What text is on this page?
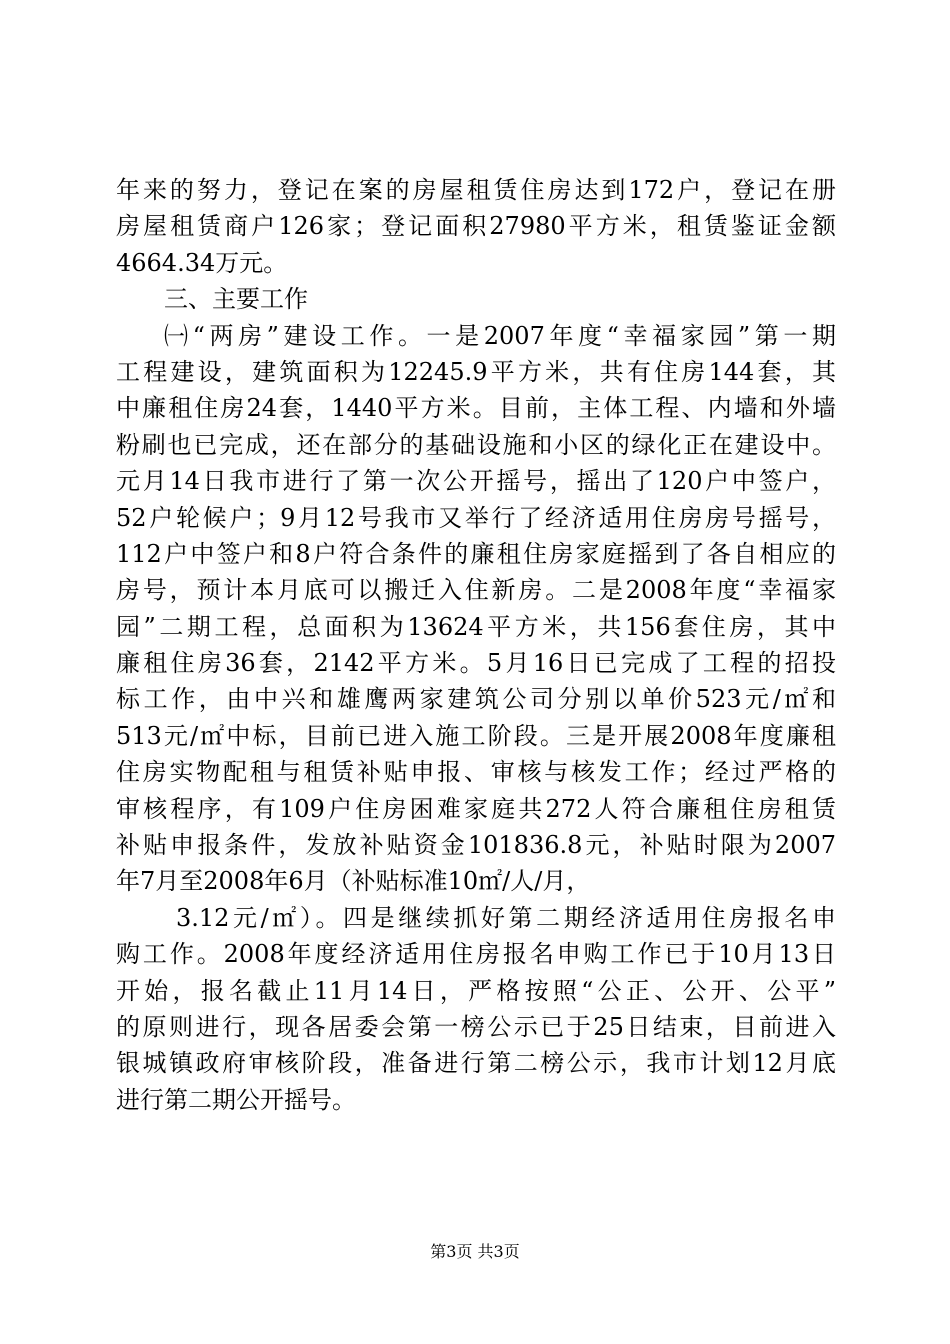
年来的努力，登记在案的房屋租赁住房达到172户，登记在册
房屋租赁商户126家；登记面积27980平方米，租赁鉴证金额
4664.34万元。
三、主要工作
㈠“两房”建设工作。一是2007年度“幸福家园”第一期
工程建设，建筑面积为12245.9平方米，共有住房144套，其
中廉租住房24套，1440平方米。目前，主体工程、内墙和外墙
粉刷也已完成，还在部分的基础设施和小区的绿化正在建设中。
元月14日我市进行了第一次公开摇号，摇出了120户中签户，
52户轮候户；9月12号我市又举行了经济适用住房房号摇号，
112户中签户和8户符合条件的廉租住房家庭摇到了各自相应的
房号，预计本月底可以搬迁入住新房。二是2008年度“幸福家
园”二期工程，总面积为13624平方米，共156套住房，其中
廉租住房36套，2142平方米。5月16日已完成了工程的招投
标工作，由中兴和雄鹰两家建筑公司分别以单价523元/㎡和
513元/㎡中标，目前已进入施工阶段。三是开展2008年度廉租
住房实物配租与租赁补贴申报、审核与核发工作；经过严格的
审核程序，有109户住房困难家庭共272人符合廉租住房租赁
补贴申报条件，发放补贴资金101836.8元，补贴时限为2007
年7月至2008年6月（补贴标准10㎡/人/月，
3.12元/㎡）。四是继续抓好第二期经济适用住房报名申
购工作。2008年度经济适用住房报名申购工作已于10月13日
开始，报名截止11月14日，严格按照“公正、公开、公平”
的原则进行，现各居委会第一榜公示已于25日结束，目前进入
银城镇政府审核阶段，准备进行第二榜公示，我市计划12月底
进行第二期公开摇号。
第3页 共3页
